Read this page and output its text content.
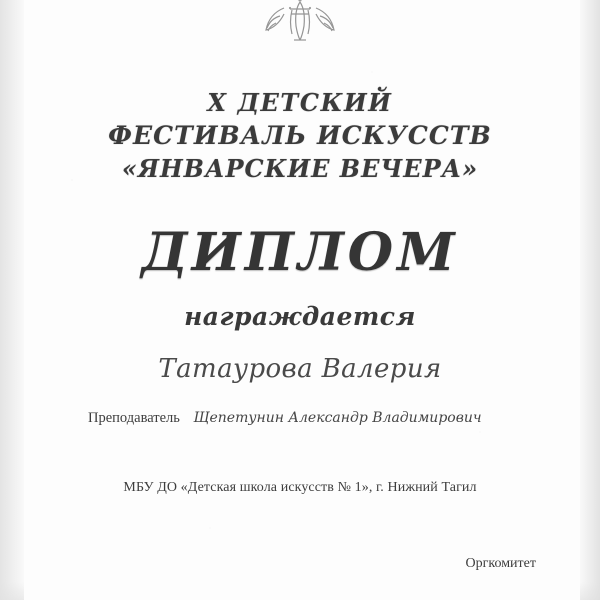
X ДЕТСКИЙ
ФЕСТИВАЛЬ ИСКУССТВ
«ЯНВАРСКИЕ ВЕЧЕРА»
ДИПЛОМ
награждается
Татаурова Валерия
Преподаватель Щепетунин Александр Владимирович
МБУ ДО «Детская школа искусств № 1», г. Нижний Тагил
Оргкомитет
